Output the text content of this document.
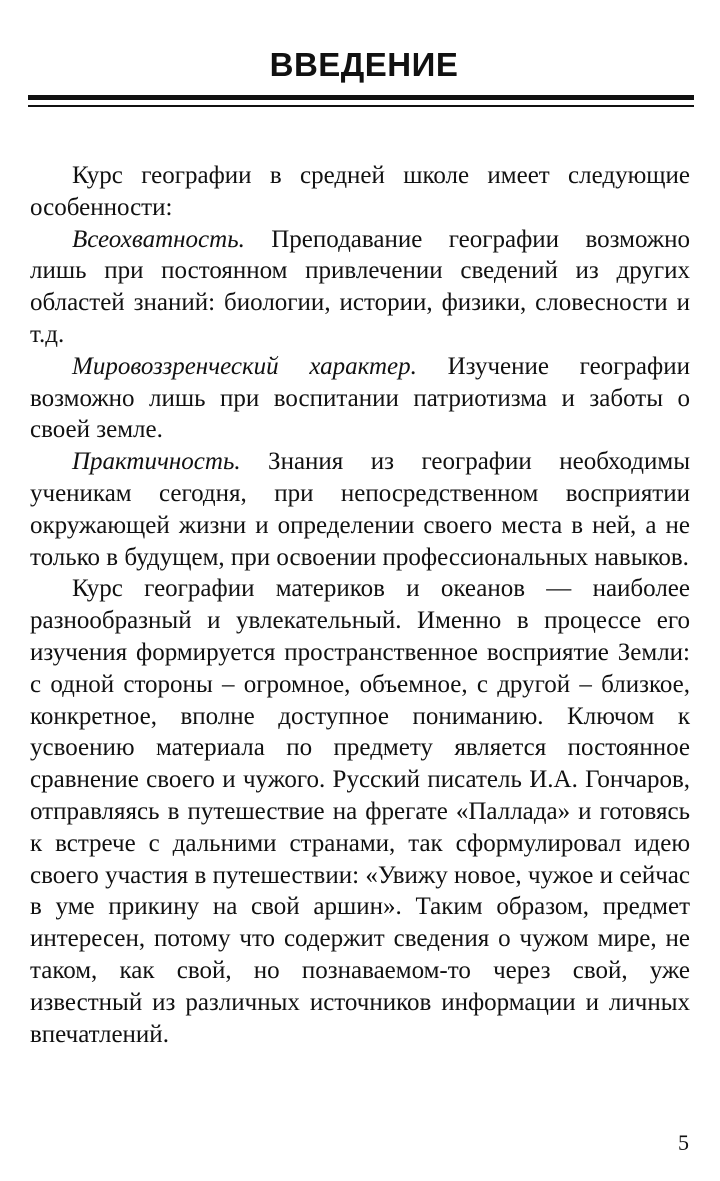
ВВЕДЕНИЕ

Курс географии в средней школе имеет следующие особенности:

Всеохватность. Преподавание географии возможно лишь при постоянном привлечении сведений из других областей знаний: биологии, истории, физики, словесности и т.д.

Мировоззренческий характер. Изучение географии возможно лишь при воспитании патриотизма и заботы о своей земле.

Практичность. Знания из географии необходимы ученикам сегодня, при непосредственном восприятии окружающей жизни и определении своего места в ней, а не только в будущем, при освоении профессиональных навыков.

Курс географии материков и океанов — наиболее разнообразный и увлекательный. Именно в процессе его изучения формируется пространственное восприятие Земли: с одной стороны – огромное, объемное, с другой – близкое, конкретное, вполне доступное пониманию. Ключом к усвоению материала по предмету является постоянное сравнение своего и чужого. Русский писатель И.А. Гончаров, отправляясь в путешествие на фрегате «Паллада» и готовясь к встрече с дальними странами, так сформулировал идею своего участия в путешествии: «Увижу новое, чужое и сейчас в уме прикину на свой аршин». Таким образом, предмет интересен, потому что содержит сведения о чужом мире, не таком, как свой, но познаваемом-то через свой, уже известный из различных источников информации и личных впечатлений.

5
